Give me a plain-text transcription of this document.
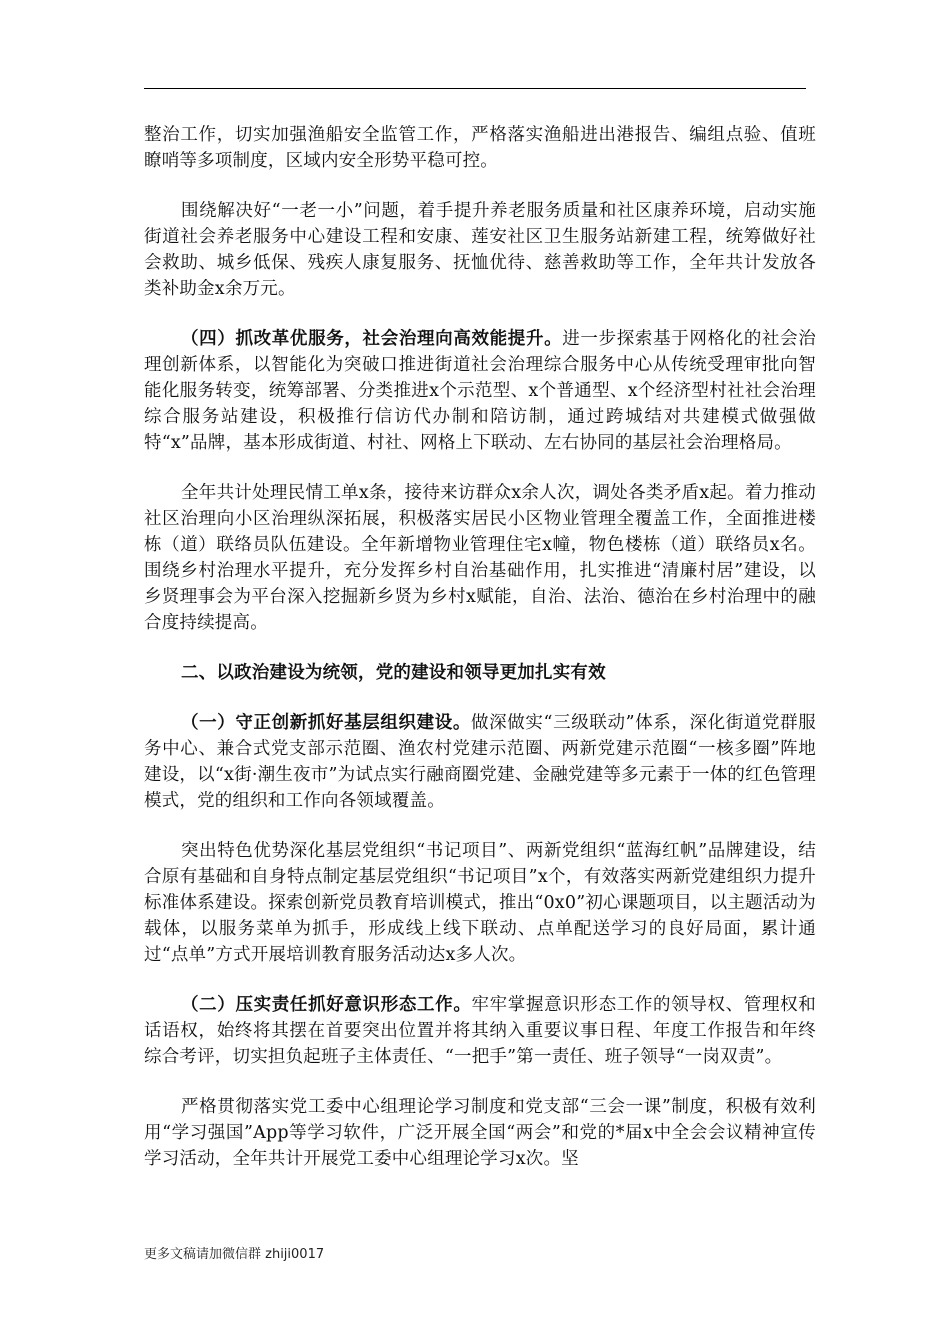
整治工作，切实加强渔船安全监管工作，严格落实渔船进出港报告、编组点验、值班瞭哨等多项制度，区域内安全形势平稳可控。

围绕解决好“一老一小”问题，着手提升养老服务质量和社区康养环境，启动实施街道社会养老服务中心建设工程和安康、莲安社区卫生服务站新建工程，统筹做好社会救助、城乡低保、残疾人康复服务、抚恤优待、慈善救助等工作，全年共计发放各类补助金x余万元。

（四）抓改革优服务，社会治理向高效能提升。进一步探索基于网格化的社会治理创新体系，以智能化为突破口推进街道社会治理综合服务中心从传统受理审批向智能化服务转变，统筹部署、分类推进x个示范型、x个普通型、x个经济型村社社会治理综合服务站建设，积极推行信访代办制和陪访制，通过跨城结对共建模式做强做特“x”品牌，基本形成街道、村社、网格上下联动、左右协同的基层社会治理格局。

全年共计处理民情工单x条，接待来访群众x余人次，调处各类矛盾x起。着力推动社区治理向小区治理纵深拓展，积极落实居民小区物业管理全覆盖工作，全面推进楼栋（道）联络员队伍建设。全年新增物业管理住宅x幢，物色楼栋（道）联络员x名。围绕乡村治理水平提升，充分发挥乡村自治基础作用，扎实推进“清廉村居”建设，以乡贤理事会为平台深入挖掘新乡贤为乡村x赋能，自治、法治、德治在乡村治理中的融合度持续提高。

二、以政治建设为统领，党的建设和领导更加扎实有效

（一）守正创新抓好基层组织建设。做深做实“三级联动”体系，深化街道党群服务中心、兼合式党支部示范圈、渔农村党建示范圈、两新党建示范圈“一核多圈”阵地建设，以“x街·潮生夜市”为试点实行融商圈党建、金融党建等多元素于一体的红色管理模式，党的组织和工作向各领域覆盖。

突出特色优势深化基层党组织“书记项目”、两新党组织“蓝海红帆”品牌建设，结合原有基础和自身特点制定基层党组织“书记项目”x个，有效落实两新党建组织力提升标准体系建设。探索创新党员教育培训模式，推出“0x0”初心课题项目，以主题活动为载体，以服务菜单为抓手，形成线上线下联动、点单配送学习的良好局面，累计通过“点单”方式开展培训教育服务活动达x多人次。

（二）压实责任抓好意识形态工作。牢牢掌握意识形态工作的领导权、管理权和话语权，始终将其摆在首要突出位置并将其纳入重要议事日程、年度工作报告和年终综合考评，切实担负起班子主体责任、“一把手”第一责任、班子领导“一岗双责”。

严格贯彻落实党工委中心组理论学习制度和党支部“三会一课”制度，积极有效利用“学习强国”App等学习软件，广泛开展全国“两会”和党的*届x中全会会议精神宣传学习活动，全年共计开展党工委中心组理论学习x次。坚

更多文稿请加微信群 zhiji0017
